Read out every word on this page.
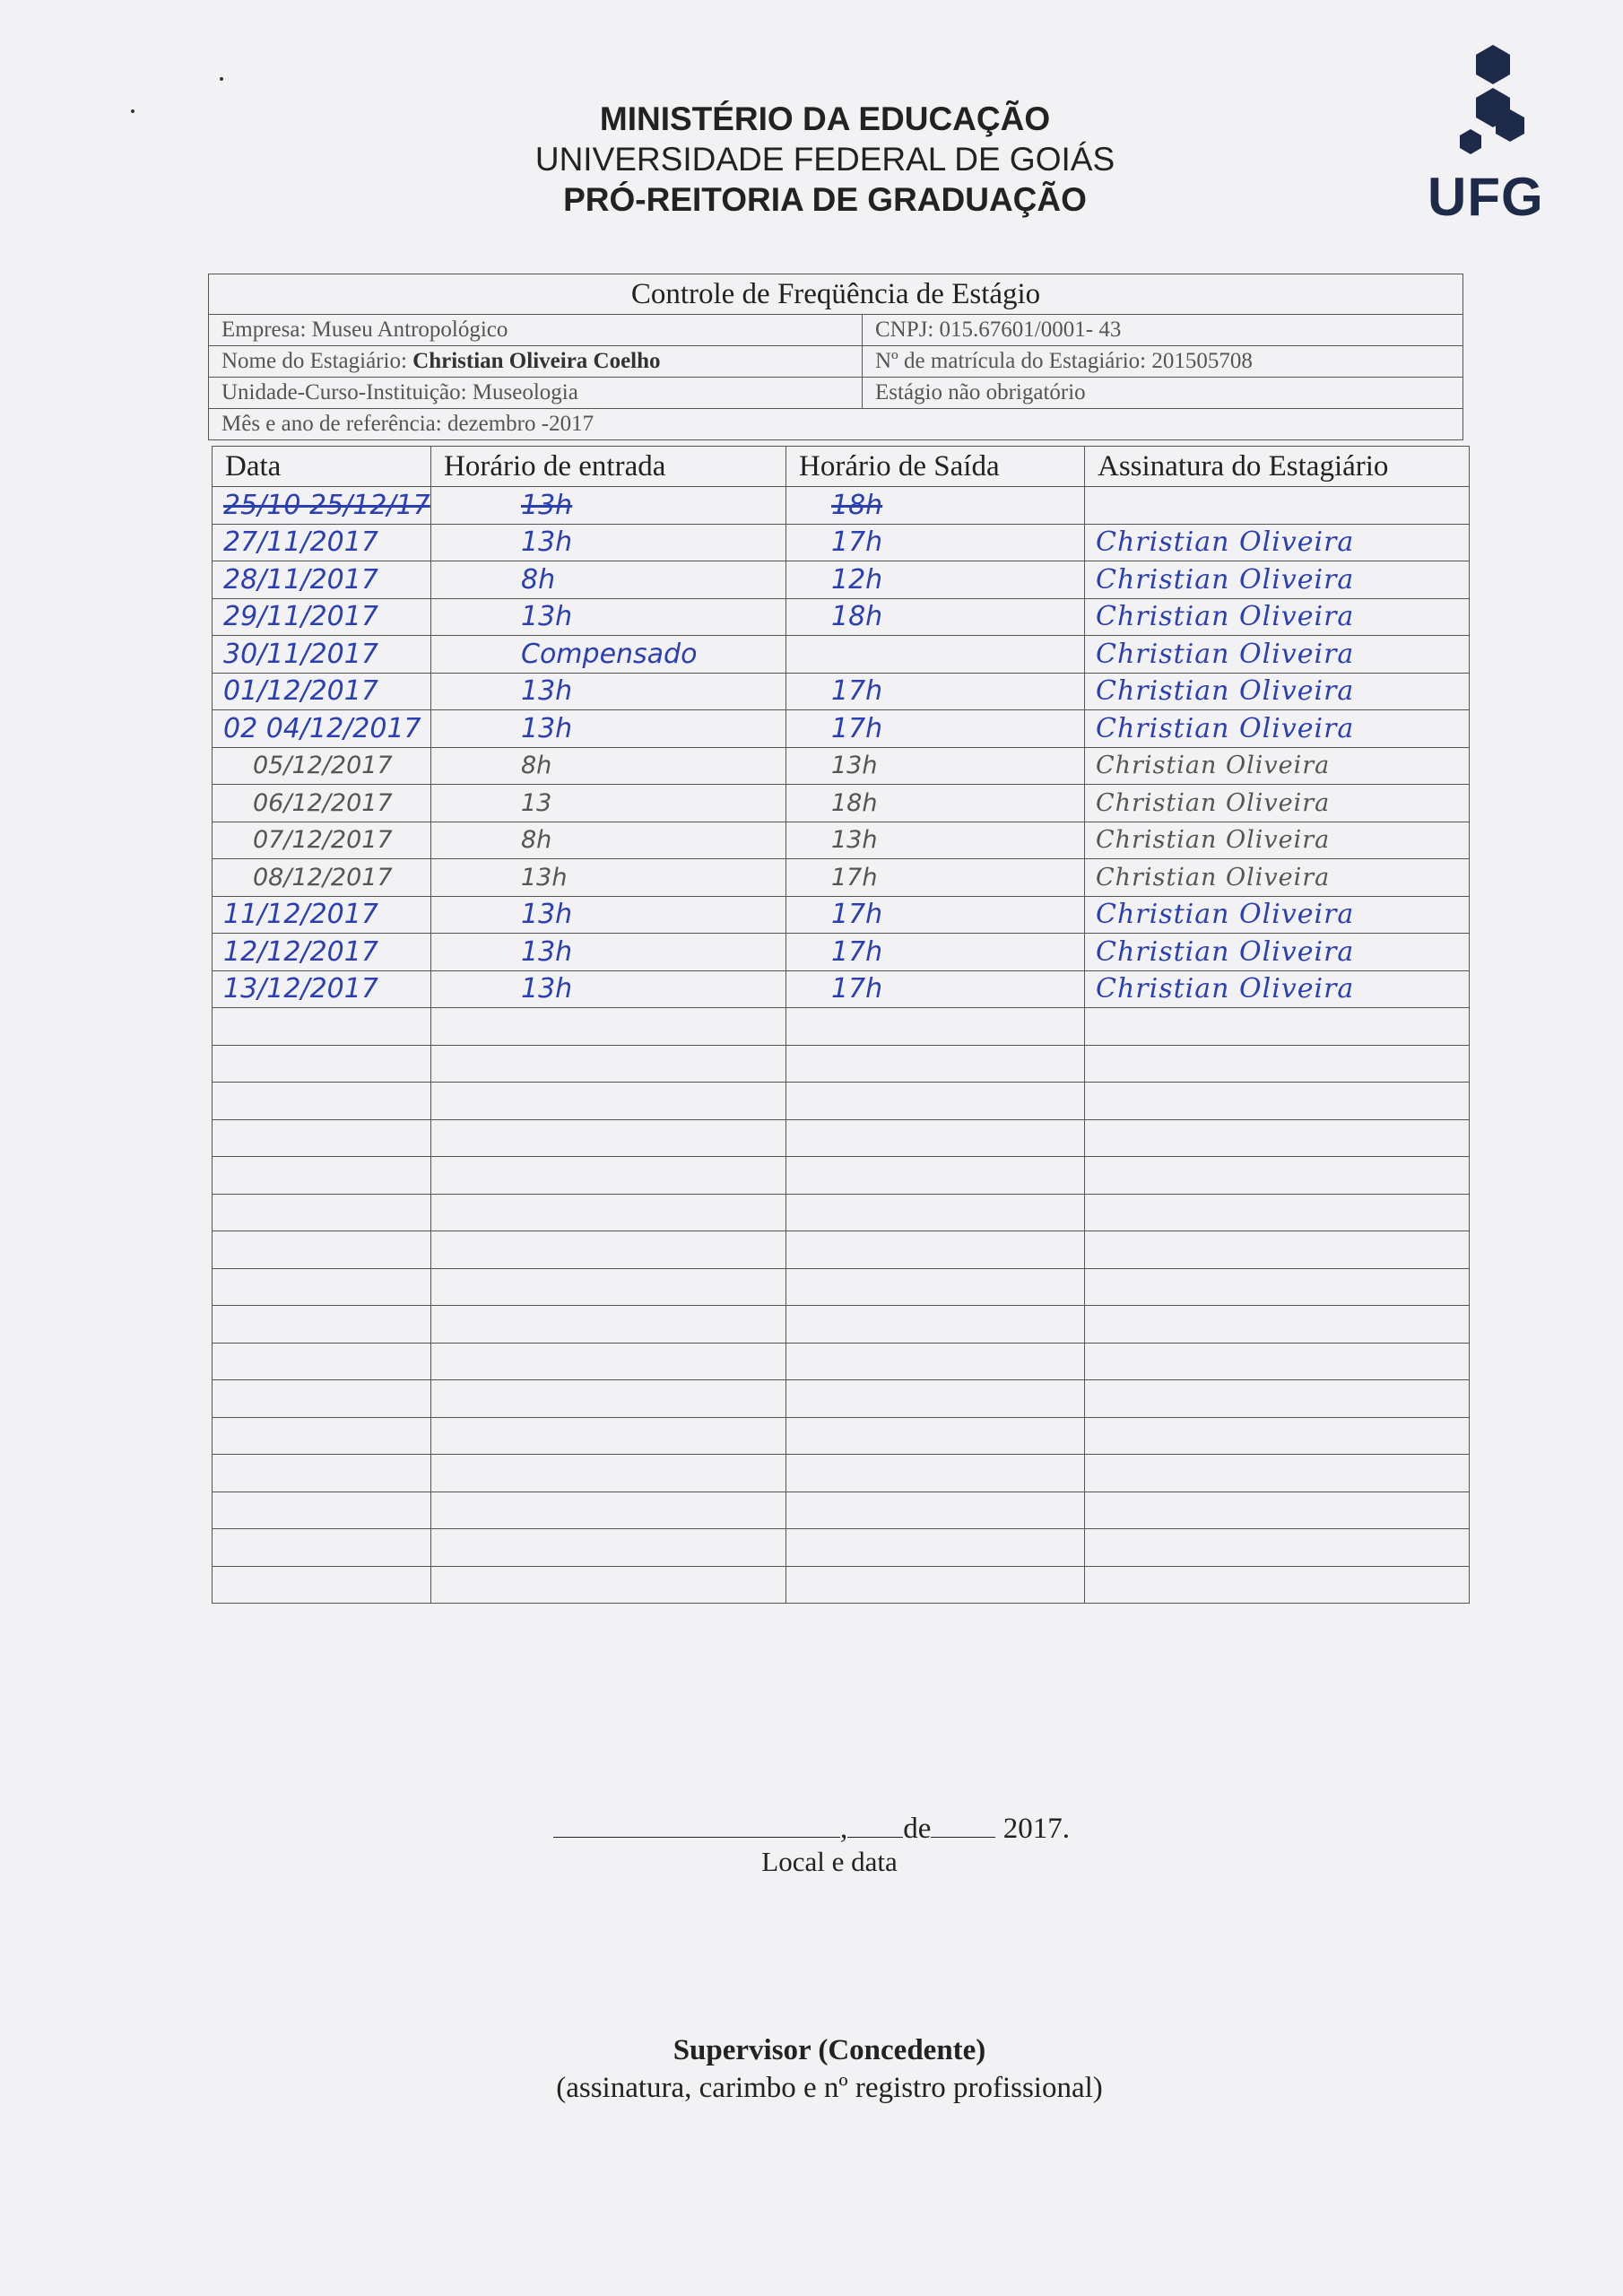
MINISTÉRIO DA EDUCAÇÃO
UNIVERSIDADE FEDERAL DE GOIÁS
PRÓ-REITORIA DE GRADUAÇÃO	UFG
Controle de Freqüência de Estágio	
Empresa: Museu Antropológico	CNPJ: 015.67601/0001- 43
Nome do Estagiário: Christian Oliveira Coelho	Nº de matrícula do Estagiário: 201505708
Unidade-Curso-Instituição: Museologia	Estágio não obrigatório
Mês e ano de referência: dezembro -2017	
Data	Horário de entrada	Horário de Saída	Assinatura do Estagiário
25/10 25/12/17	13h	18h	
27/11/2017	13h	17h	Christian Oliveira
28/11/2017	8h	12h	Christian Oliveira
29/11/2017	13h	18h	Christian Oliveira
30/11/2017	Compensado		Christian Oliveira
01/12/2017	13h	17h	Christian Oliveira
02 04/12/2017	13h	17h	Christian Oliveira
05/12/2017	8h	13h	Christian Oliveira
06/12/2017	13	18h	Christian Oliveira
07/12/2017	8h	13h	Christian Oliveira
08/12/2017	13h	17h	Christian Oliveira
11/12/2017	13h	17h	Christian Oliveira
12/12/2017	13h	17h	Christian Oliveira
13/12/2017	13h	17h	Christian Oliveira

, de 2017.
Local e data
Supervisor (Concedente)
(assinatura, carimbo e nº registro profissional)
